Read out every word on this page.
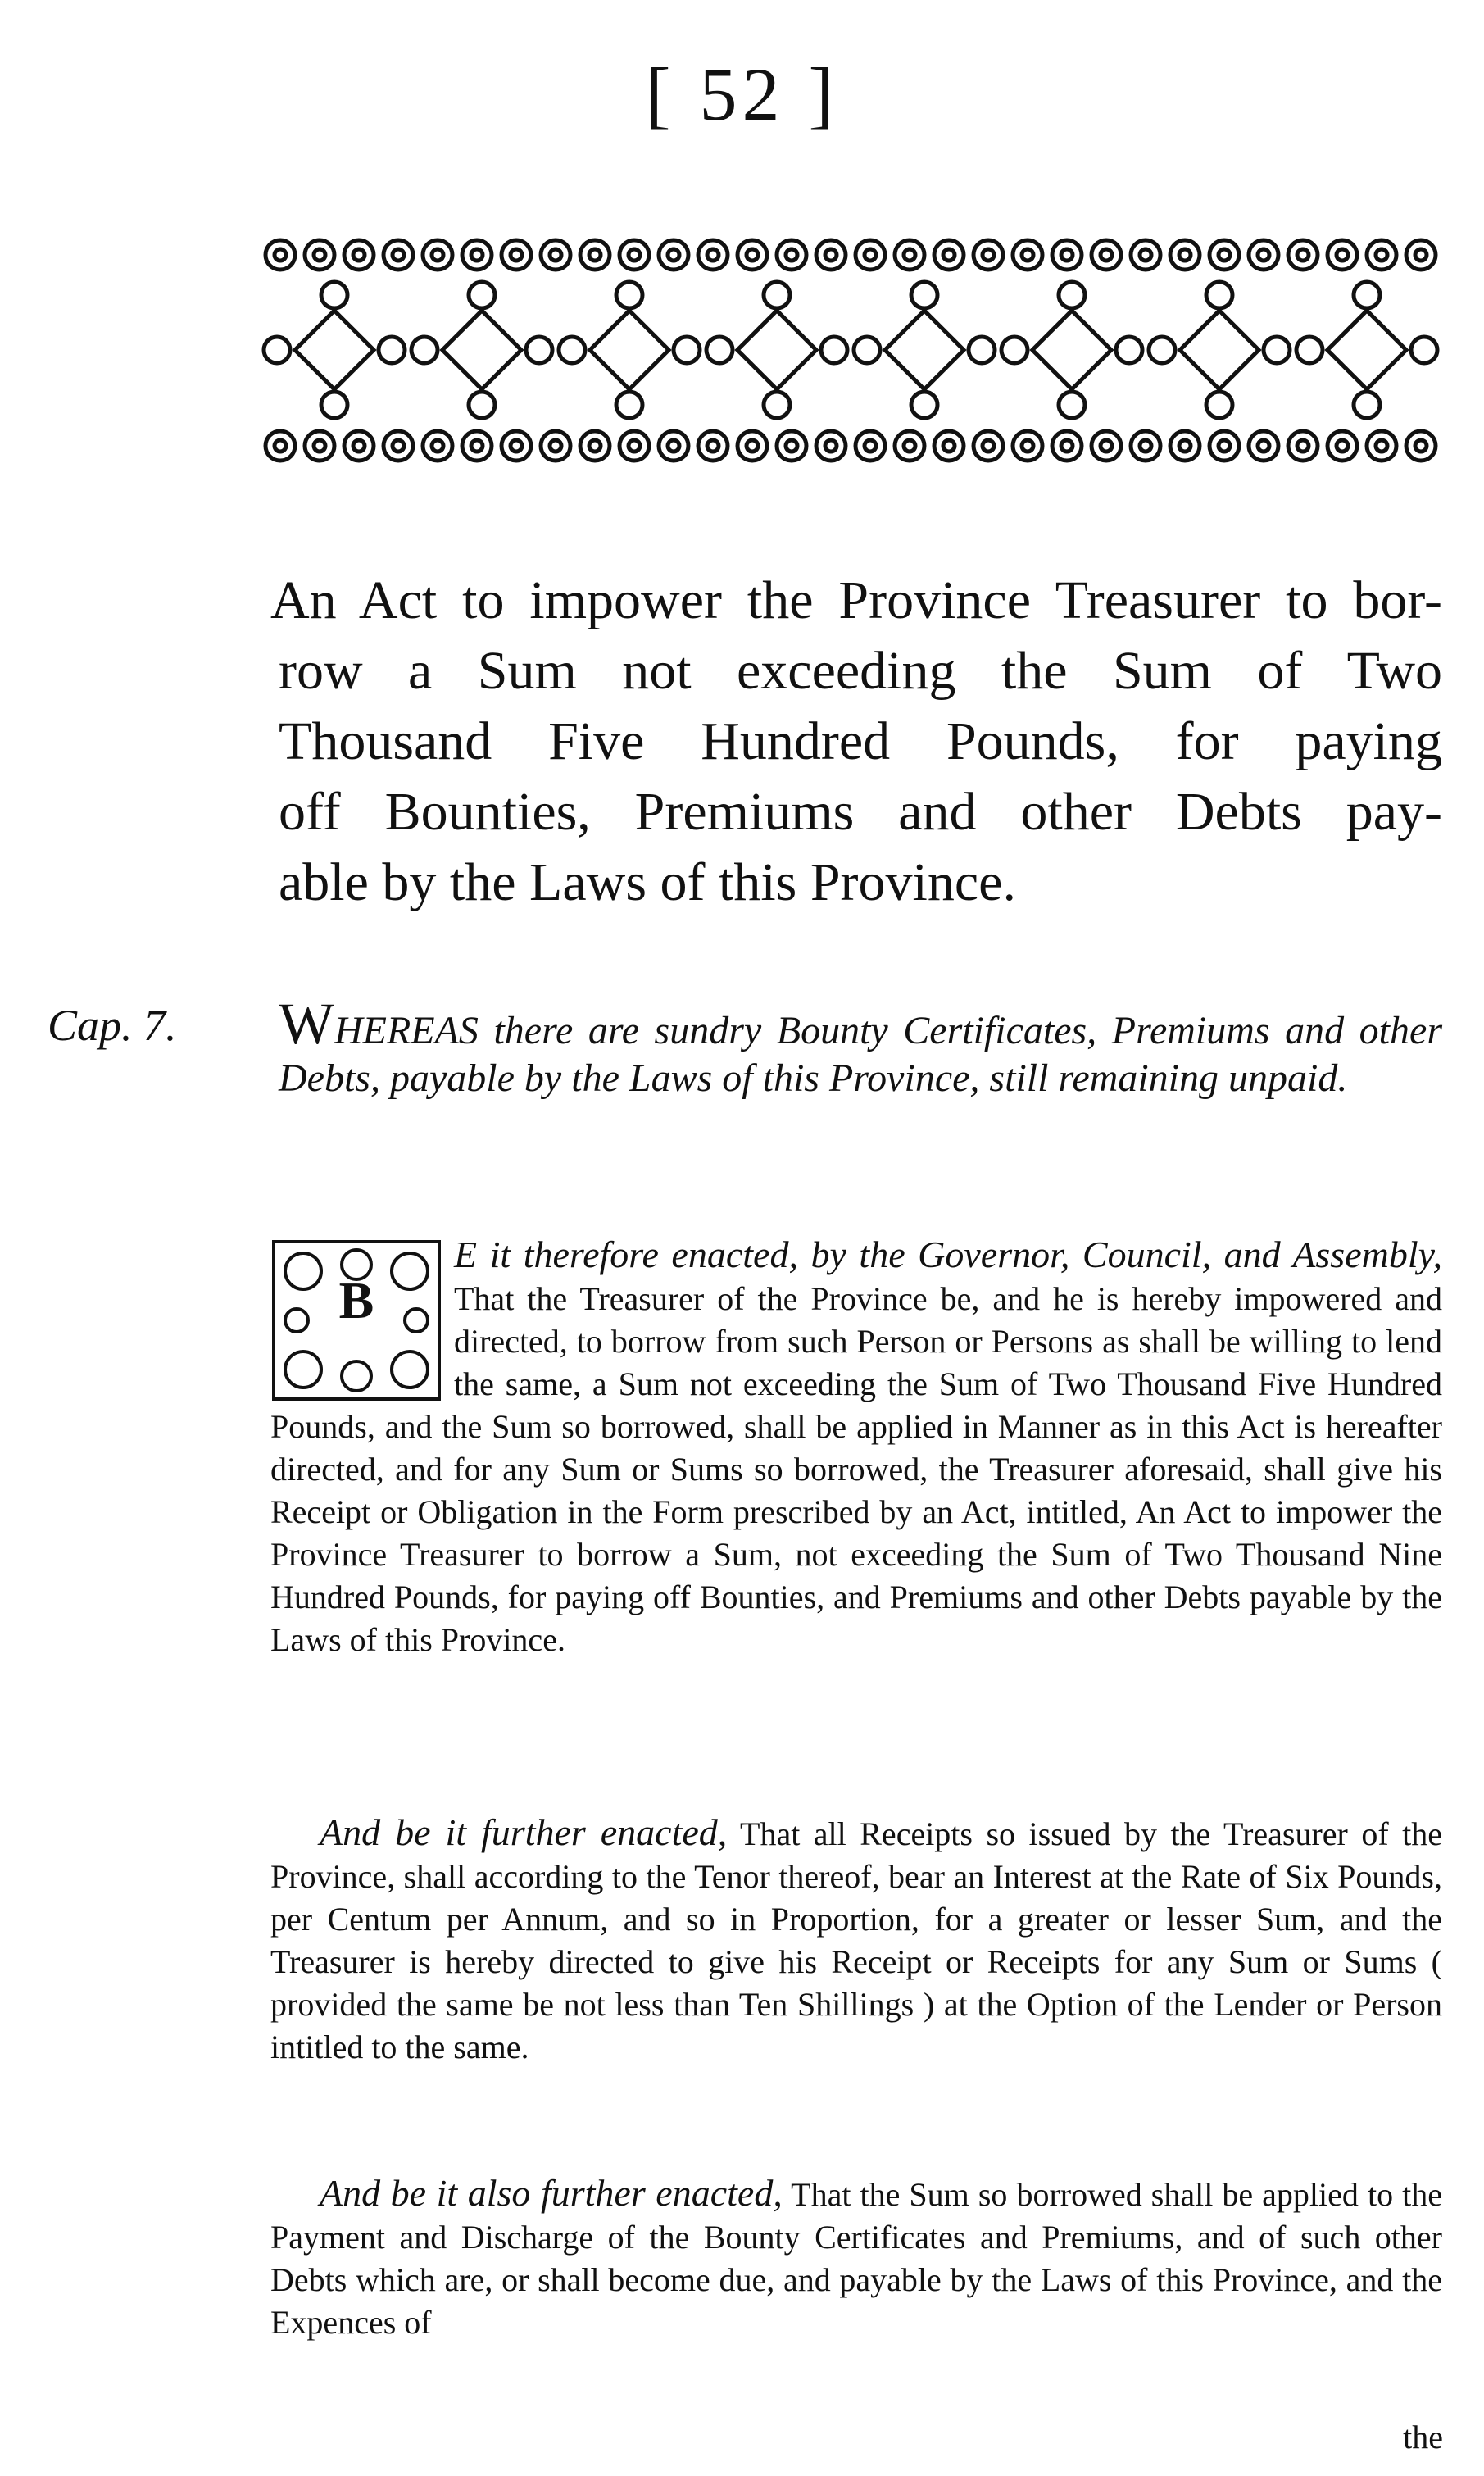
[ 52 ]
An Act to impower the Province Treasurer to bor-
row a Sum not exceeding the Sum of Two
Thousand Five Hundred Pounds, for paying
off Bounties, Premiums and other Debts pay-
able by the Laws of this Province.
Cap. 7. WHEREAS there are sundry Bounty Certificates, Premiums and other Debts, payable by the Laws of this Province, still remaining unpaid.
B
E it therefore enacted, by the Governor, Council, and Assembly, That the Treasurer of the Province be, and he is hereby impowered and directed, to borrow from such Person or Persons as shall be willing to lend the same, a Sum not exceeding the Sum of Two Thousand Five Hundred Pounds, and the Sum so borrowed, shall be applied in Manner as in this Act is hereafter directed, and for any Sum or Sums so borrowed, the Treasurer aforesaid, shall give his Receipt or Obligation in the Form prescribed by an Act, intitled, An Act to impower the Province Treasurer to borrow a Sum, not exceeding the Sum of Two Thousand Nine Hundred Pounds, for paying off Bounties, and Premiums and other Debts payable by the Laws of this Province.
And be it further enacted, That all Receipts so issued by the Treasurer of the Province, shall according to the Tenor thereof, bear an Interest at the Rate of Six Pounds, per Centum per Annum, and so in Proportion, for a greater or lesser Sum, and the Treasurer is hereby directed to give his Receipt or Receipts for any Sum or Sums ( provided the same be not less than Ten Shillings ) at the Option of the Lender or Person intitled to the same.
And be it also further enacted, That the Sum so borrowed shall be applied to the Payment and Discharge of the Bounty Certificates and Premiums, and of such other Debts which are, or shall become due, and payable by the Laws of this Province, and the Expences of
the
